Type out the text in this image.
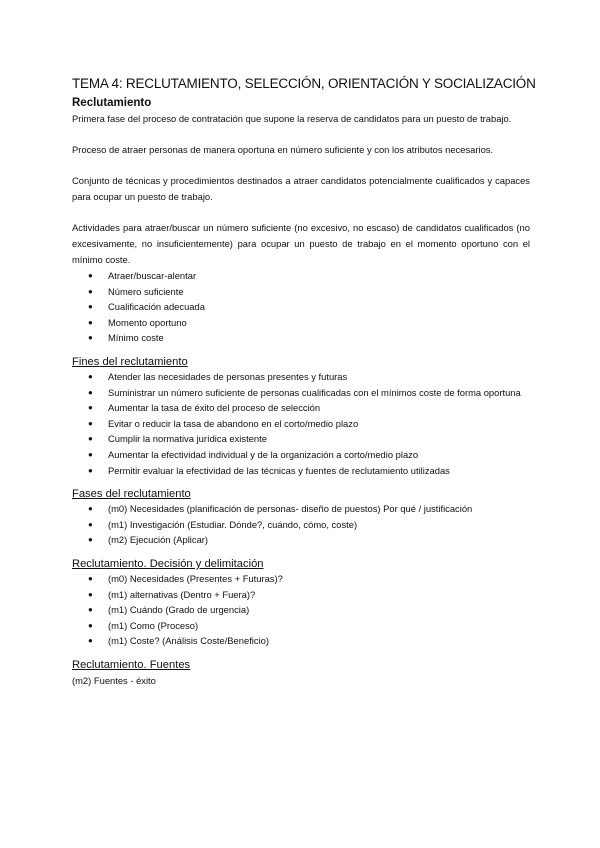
TEMA 4: RECLUTAMIENTO, SELECCIÓN, ORIENTACIÓN Y SOCIALIZACIÓN
Reclutamiento

Primera fase del proceso de contratación que supone la reserva de candidatos para un puesto de trabajo.

Proceso de atraer personas de manera oportuna en número suficiente y con los atributos necesarios.

Conjunto de técnicas y procedimientos destinados a atraer candidatos potencialmente cualificados y capaces para ocupar un puesto de trabajo.

Actividades para atraer/buscar un número suficiente (no excesivo, no escaso) de candidatos cualificados (no excesivamente, no insuficientemente) para ocupar un puesto de trabajo en el momento oportuno con el mínimo coste.

● Atraer/buscar-alentar
● Número suficiente
● Cualificación adecuada
● Momento oportuno
● Mínimo coste
Fines del reclutamiento
● Atender las necesidades de personas presentes y futuras
● Suministrar un número suficiente de personas cualificadas con el mínimos coste de forma oportuna
● Aumentar la tasa de éxito del proceso de selección
● Evitar o reducir la tasa de abandono en el corto/medio plazo
● Cumplir la normativa jurídica existente
● Aumentar la efectividad individual y de la organización a corto/medio plazo
● Permitir evaluar la efectividad de las técnicas y fuentes de reclutamiento utilizadas
Fases del reclutamiento
● (m0) Necesidades (planificación de personas- diseño de puestos) Por qué / justificación
● (m1) Investigación (Estudiar. Dónde?, cuándo, cómo, coste)
● (m2) Ejecución (Aplicar)
Reclutamiento. Decisión y delimitación
● (m0) Necesidades (Presentes + Futuras)?
● (m1) alternativas (Dentro + Fuera)?
● (m1) Cuándo (Grado de urgencia)
● (m1) Como (Proceso)
● (m1) Coste? (Análisis Coste/Beneficio)
Reclutamiento. Fuentes
(m2) Fuentes - éxito
